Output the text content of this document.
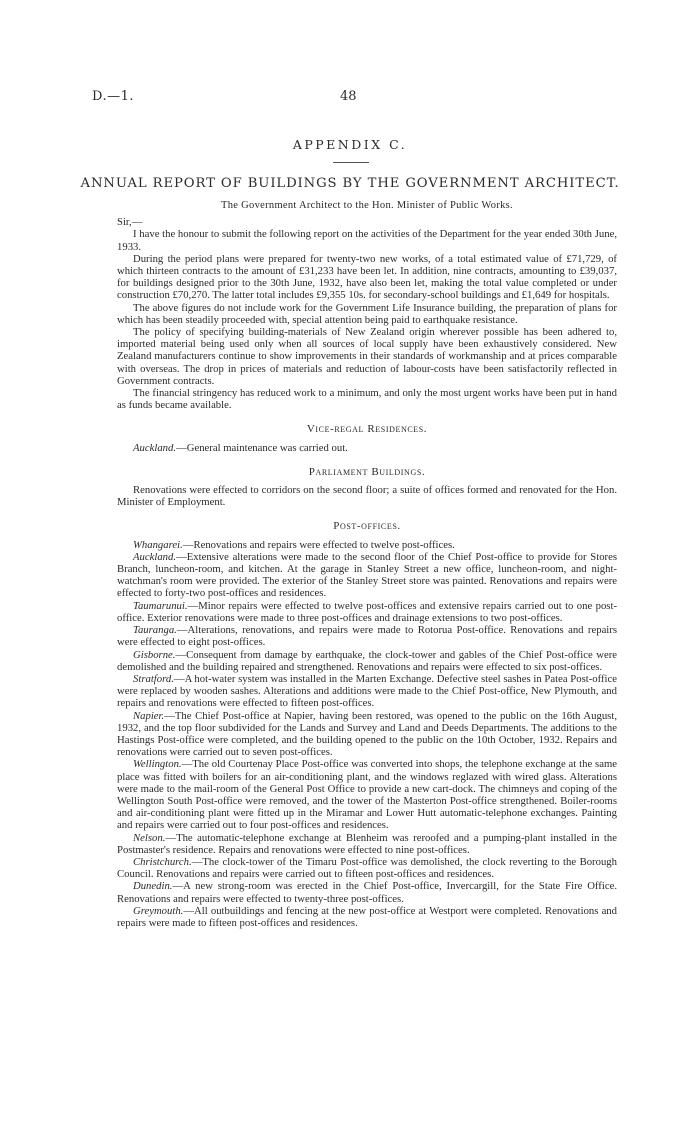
D.—1.	48
APPENDIX C.
ANNUAL REPORT OF BUILDINGS BY THE GOVERNMENT ARCHITECT.
The Government Architect to the Hon. Minister of Public Works.

Sir,—

I have the honour to submit the following report on the activities of the Department for the year ended 30th June, 1933.

During the period plans were prepared for twenty-two new works, of a total estimated value of £71,729, of which thirteen contracts to the amount of £31,233 have been let. In addition, nine contracts, amounting to £39,037, for buildings designed prior to the 30th June, 1932, have also been let, making the total value completed or under construction £70,270. The latter total includes £9,355 10s. for secondary-school buildings and £1,649 for hospitals.

The above figures do not include work for the Government Life Insurance building, the preparation of plans for which has been steadily proceeded with, special attention being paid to earthquake resistance.

The policy of specifying building-materials of New Zealand origin wherever possible has been adhered to, imported material being used only when all sources of local supply have been exhaustively considered. New Zealand manufacturers continue to show improvements in their standards of workmanship and at prices comparable with overseas. The drop in prices of materials and reduction of labour-costs have been satisfactorily reflected in Government contracts.

The financial stringency has reduced work to a minimum, and only the most urgent works have been put in hand as funds became available.

Vice-regal Residences.

Auckland.—General maintenance was carried out.

Parliament Buildings.

Renovations were effected to corridors on the second floor; a suite of offices formed and renovated for the Hon. Minister of Employment.

Post-offices.

Whangarei.—Renovations and repairs were effected to twelve post-offices.

Auckland.—Extensive alterations were made to the second floor of the Chief Post-office to provide for Stores Branch, luncheon-room, and kitchen. At the garage in Stanley Street a new office, luncheon-room, and night-watchman's room were provided. The exterior of the Stanley Street store was painted. Renovations and repairs were effected to forty-two post-offices and residences.

Taumarunui.—Minor repairs were effected to twelve post-offices and extensive repairs carried out to one post-office. Exterior renovations were made to three post-offices and drainage extensions to two post-offices.

Tauranga.—Alterations, renovations, and repairs were made to Rotorua Post-office. Renovations and repairs were effected to eight post-offices.

Gisborne.—Consequent from damage by earthquake, the clock-tower and gables of the Chief Post-office were demolished and the building repaired and strengthened. Renovations and repairs were effected to six post-offices.

Stratford.—A hot-water system was installed in the Marten Exchange. Defective steel sashes in Patea Post-office were replaced by wooden sashes. Alterations and additions were made to the Chief Post-office, New Plymouth, and repairs and renovations were effected to fifteen post-offices.

Napier.—The Chief Post-office at Napier, having been restored, was opened to the public on the 16th August, 1932, and the top floor subdivided for the Lands and Survey and Land and Deeds Departments. The additions to the Hastings Post-office were completed, and the building opened to the public on the 10th October, 1932. Repairs and renovations were carried out to seven post-offices.

Wellington.—The old Courtenay Place Post-office was converted into shops, the telephone exchange at the same place was fitted with boilers for an air-conditioning plant, and the windows reglazed with wired glass. Alterations were made to the mail-room of the General Post Office to provide a new cart-dock. The chimneys and coping of the Wellington South Post-office were removed, and the tower of the Masterton Post-office strengthened. Boiler-rooms and air-conditioning plant were fitted up in the Miramar and Lower Hutt automatic-telephone exchanges. Painting and repairs were carried out to four post-offices and residences.

Nelson.—The automatic-telephone exchange at Blenheim was reroofed and a pumping-plant installed in the Postmaster's residence. Repairs and renovations were effected to nine post-offices.

Christchurch.—The clock-tower of the Timaru Post-office was demolished, the clock reverting to the Borough Council. Renovations and repairs were carried out to fifteen post-offices and residences.

Dunedin.—A new strong-room was erected in the Chief Post-office, Invercargill, for the State Fire Office. Renovations and repairs were effected to twenty-three post-offices.

Greymouth.—All outbuildings and fencing at the new post-office at Westport were completed. Renovations and repairs were made to fifteen post-offices and residences.
